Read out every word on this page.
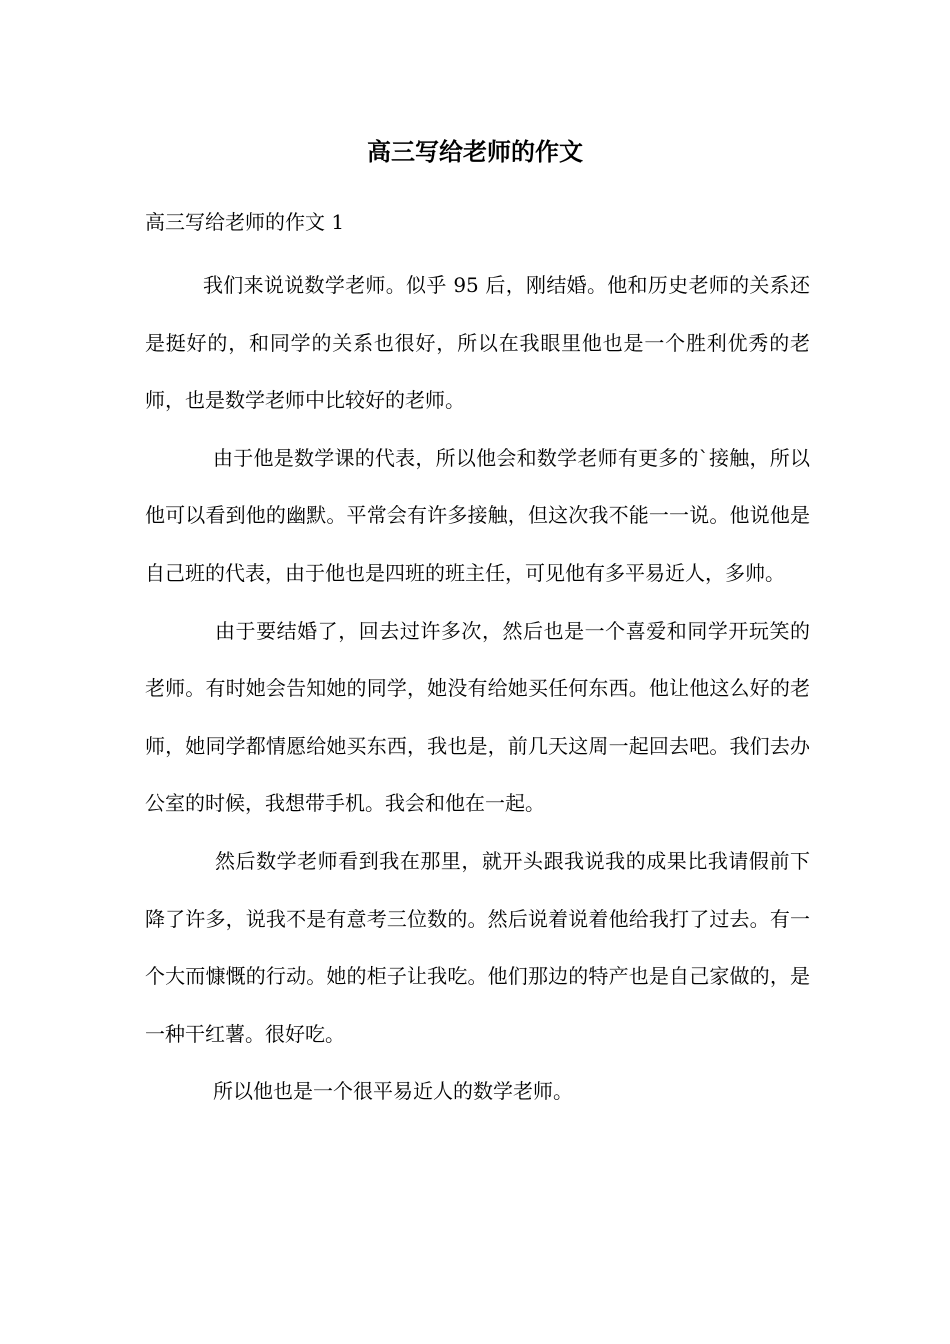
高三写给老师的作文

高三写给老师的作文 1

我们来说说数学老师。似乎 95 后，刚结婚。他和历史老师的关系还是挺好的，和同学的关系也很好，所以在我眼里他也是一个胜利优秀的老师，也是数学老师中比较好的老师。

由于他是数学课的代表，所以他会和数学老师有更多的`接触，所以他可以看到他的幽默。平常会有许多接触，但这次我不能一一说。他说他是自己班的代表，由于他也是四班的班主任，可见他有多平易近人，多帅。

由于要结婚了，回去过许多次，然后也是一个喜爱和同学开玩笑的老师。有时她会告知她的同学，她没有给她买任何东西。他让他这么好的老师，她同学都情愿给她买东西，我也是，前几天这周一起回去吧。我们去办公室的时候，我想带手机。我会和他在一起。

然后数学老师看到我在那里，就开头跟我说我的成果比我请假前下降了许多，说我不是有意考三位数的。然后说着说着他给我打了过去。有一个大而慷慨的行动。她的柜子让我吃。他们那边的特产也是自己家做的，是一种干红薯。很好吃。

所以他也是一个很平易近人的数学老师。
